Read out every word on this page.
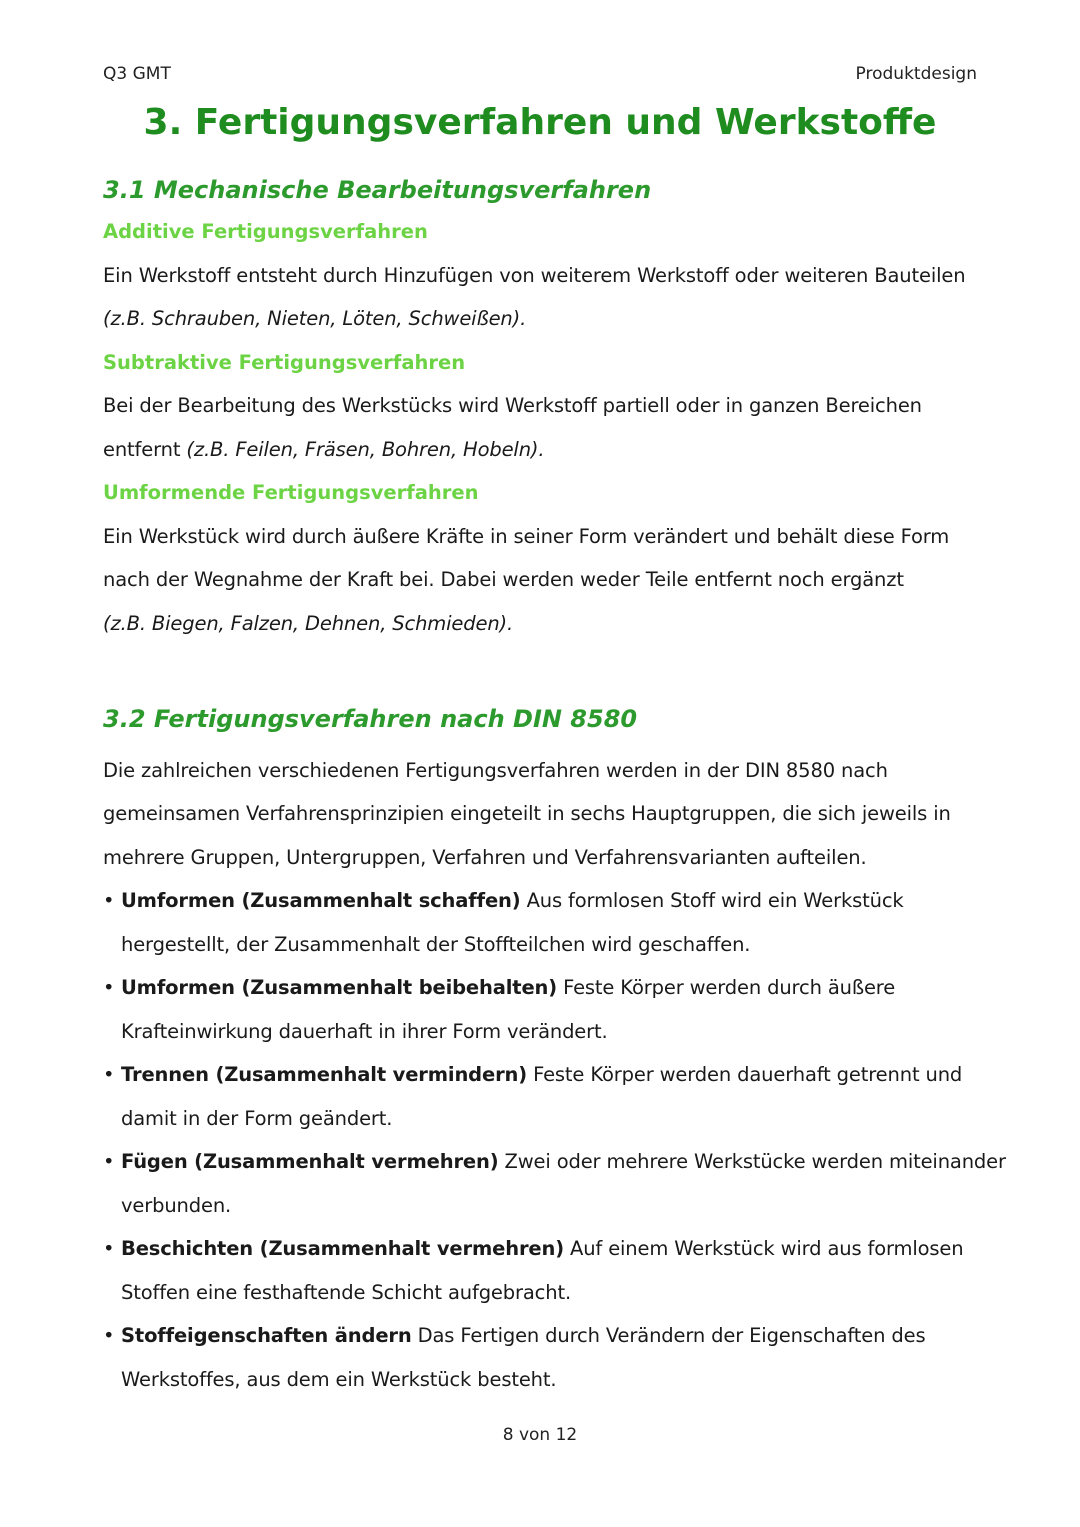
Q3 GMT	Produktdesign
3. Fertigungsverfahren und Werkstoffe
3.1 Mechanische Bearbeitungsverfahren
Additive Fertigungsverfahren
Ein Werkstoff entsteht durch Hinzufügen von weiterem Werkstoff oder weiteren Bauteilen
(z.B. Schrauben, Nieten, Löten, Schweißen).
Subtraktive Fertigungsverfahren
Bei der Bearbeitung des Werkstücks wird Werkstoff partiell oder in ganzen Bereichen
entfernt (z.B. Feilen, Fräsen, Bohren, Hobeln).
Umformende Fertigungsverfahren
Ein Werkstück wird durch äußere Kräfte in seiner Form verändert und behält diese Form
nach der Wegnahme der Kraft bei. Dabei werden weder Teile entfernt noch ergänzt
(z.B. Biegen, Falzen, Dehnen, Schmieden).
3.2 Fertigungsverfahren nach DIN 8580
Die zahlreichen verschiedenen Fertigungsverfahren werden in der DIN 8580 nach
gemeinsamen Verfahrensprinzipien eingeteilt in sechs Hauptgruppen, die sich jeweils in
mehrere Gruppen, Untergruppen, Verfahren und Verfahrensvarianten aufteilen.
• Umformen (Zusammenhalt schaffen) Aus formlosen Stoff wird ein Werkstück
hergestellt, der Zusammenhalt der Stoffteilchen wird geschaffen.
• Umformen (Zusammenhalt beibehalten) Feste Körper werden durch äußere
Krafteinwirkung dauerhaft in ihrer Form verändert.
• Trennen (Zusammenhalt vermindern) Feste Körper werden dauerhaft getrennt und
damit in der Form geändert.
• Fügen (Zusammenhalt vermehren) Zwei oder mehrere Werkstücke werden miteinander
verbunden.
• Beschichten (Zusammenhalt vermehren) Auf einem Werkstück wird aus formlosen
Stoffen eine festhaftende Schicht aufgebracht.
• Stoffeigenschaften ändern Das Fertigen durch Verändern der Eigenschaften des
Werkstoffes, aus dem ein Werkstück besteht.
8 von 12
